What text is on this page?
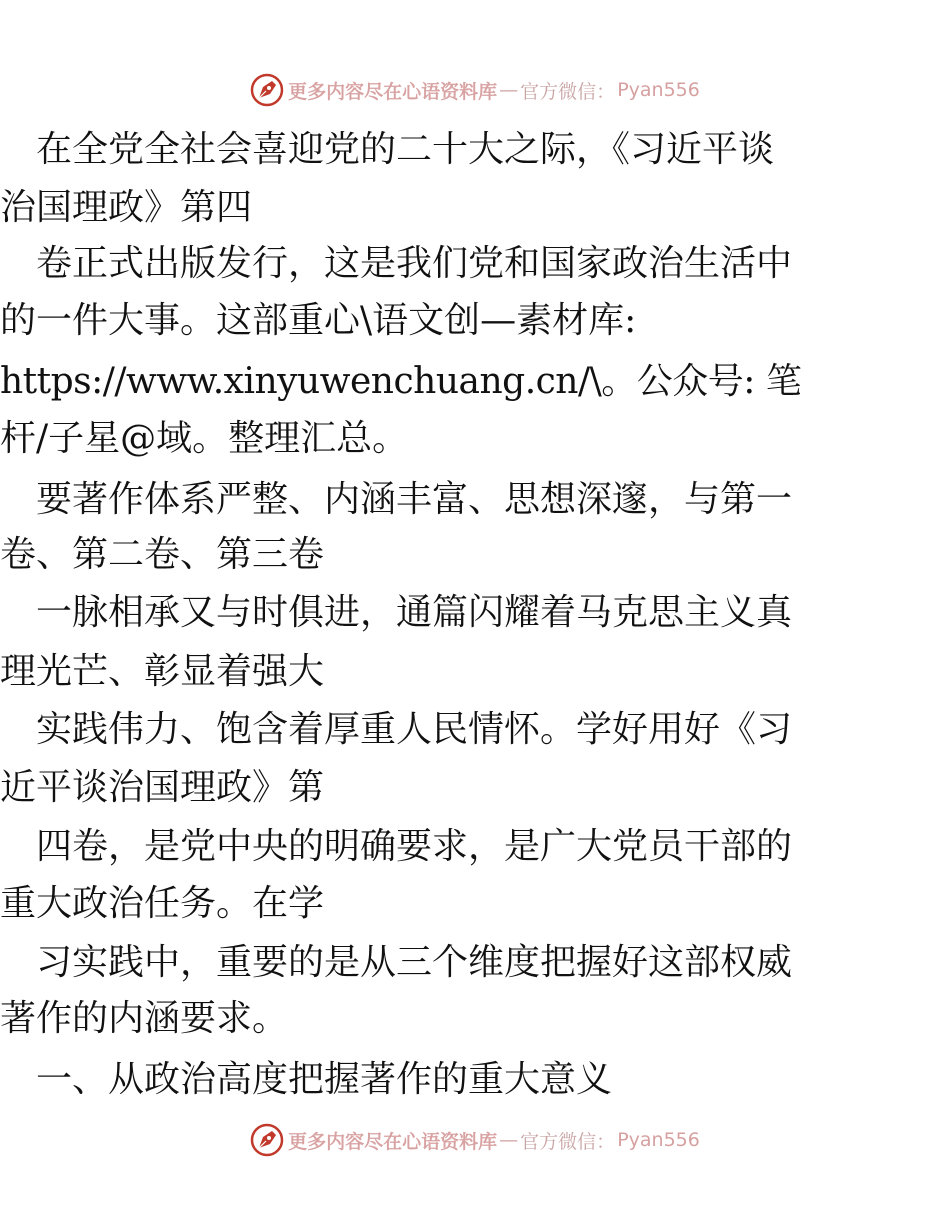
更多内容尽在心语资料库 — 官方微信 ： Pyan556
　在全党全社会喜迎党的二十大之际，《习近平谈
治国理政》第四
　卷正式出版发行，这是我们党和国家政治生活中
的一件大事。这部重心\语文创—素材库:
https://www.xinyuwenchuang.cn/\。公众号: 笔
杆/子星@域。整理汇总。
　要著作体系严整、内涵丰富、思想深邃，与第一
卷、第二卷、第三卷
　一脉相承又与时俱进，通篇闪耀着马克思主义真
理光芒、彰显着强大
　实践伟力、饱含着厚重人民情怀。学好用好《习
近平谈治国理政》第
　四卷，是党中央的明确要求，是广大党员干部的
重大政治任务。在学
　习实践中，重要的是从三个维度把握好这部权威
著作的内涵要求。
　一、从政治高度把握著作的重大意义
更多内容尽在心语资料库 — 官方微信 ： Pyan556
